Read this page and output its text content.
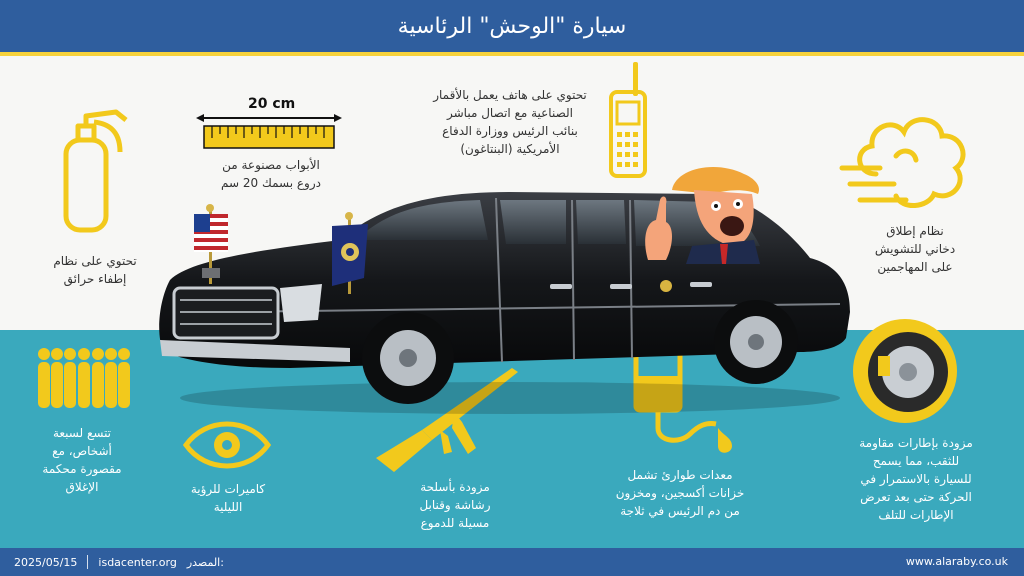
سيارة "الوحش" الرئاسية
20 cm
الأبواب مصنوعة من
دروع بسمك 20 سم
تحتوي على هاتف يعمل بالأقمار
الصناعية مع اتصال مباشر
بنائب الرئيس ووزارة الدفاع
الأمريكية (البنتاغون)
نظام إطلاق
دخاني للتشويش
على المهاجمين
تحتوي على نظام
إطفاء حرائق
تتسع لسبعة
أشخاص، مع
مقصورة محكمة
الإغلاق	كاميرات للرؤية
الليلية
مزودة بأسلحة
رشاشة وقنابل
مسيلة للدموع
معدات طوارئ تشمل
خزانات أكسجين، ومخزون
من دم الرئيس في ثلاجة
مزودة بإطارات مقاومة
للثقب، مما يسمح
للسيارة بالاستمرار في
الحركة حتى بعد تعرض
الإطارات للتلف
2025/05/15 isdacenter.org المصدر:	www.alaraby.co.uk
